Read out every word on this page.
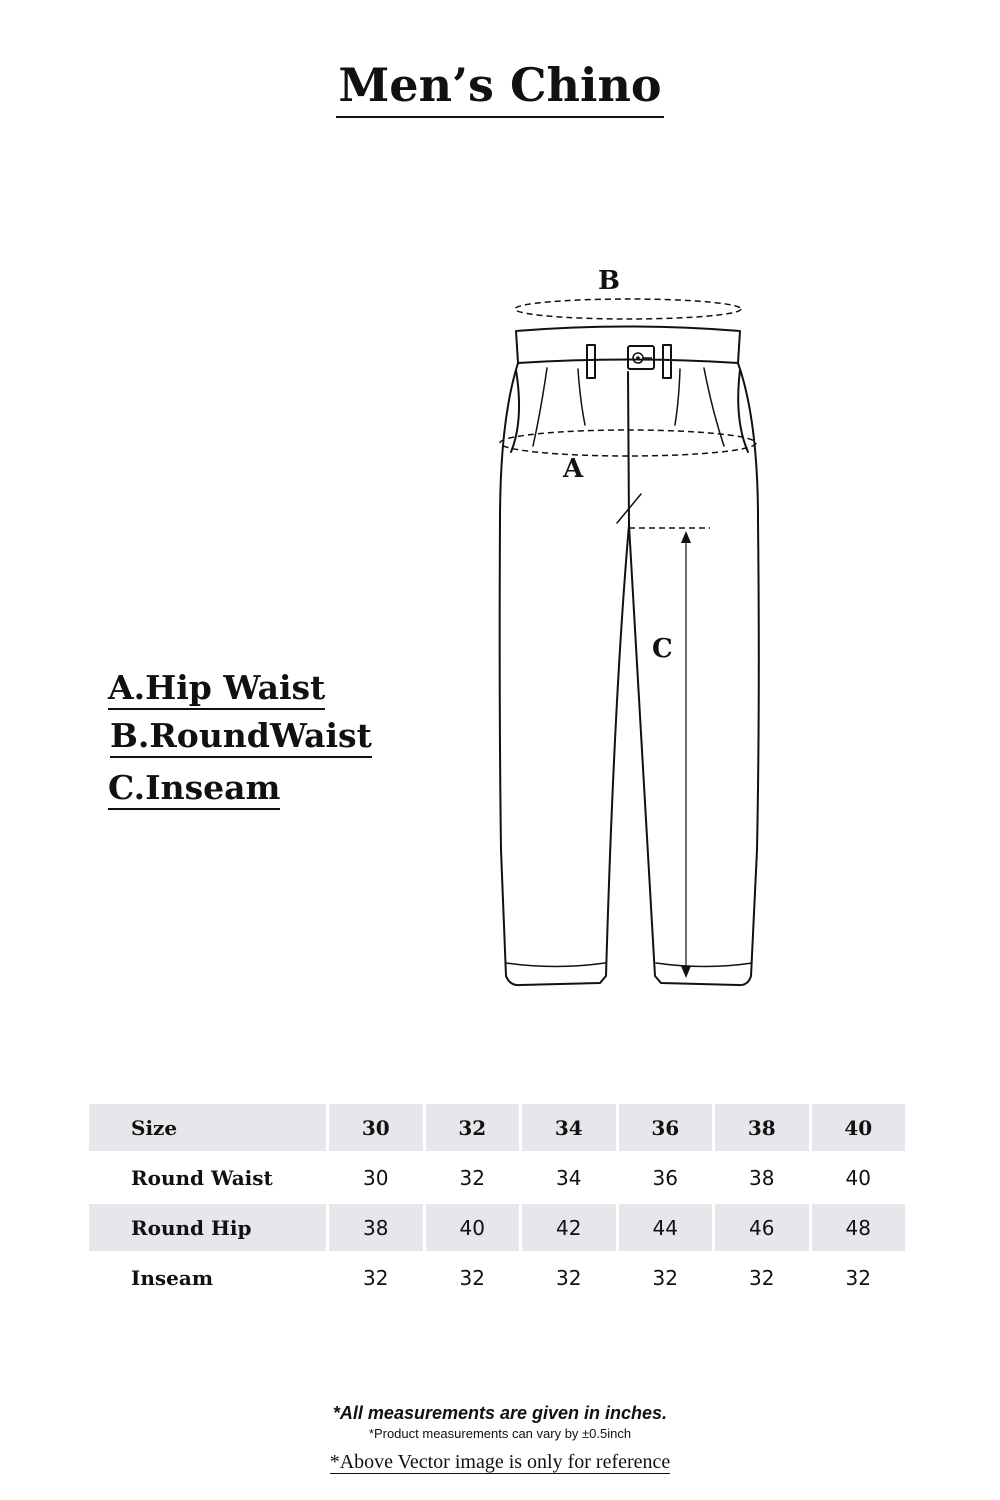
Men’s Chino
B
A
C
A.Hip Waist
B.RoundWaist
C.Inseam
Size	30	32	34	36	38	40
Round Waist	30	32	34	36	38	40
Round Hip	38	40	42	44	46	48
Inseam	32	32	32	32	32	32
*All measurements are given in inches.
*Product measurements can vary by ±0.5inch
*Above Vector image is only for reference
